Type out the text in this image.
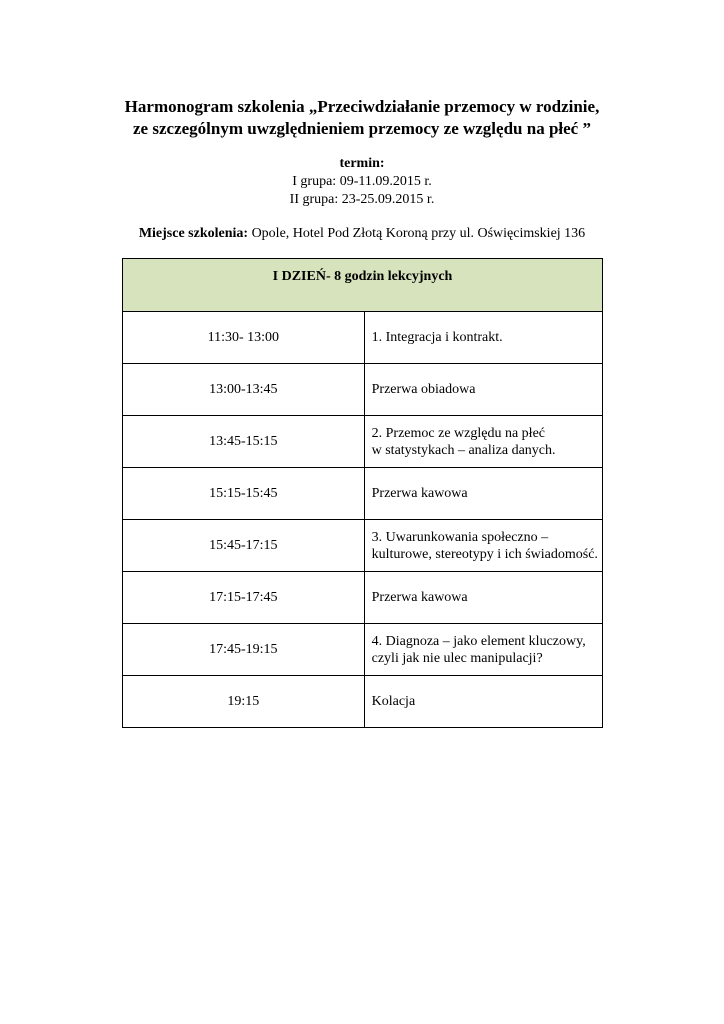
Harmonogram szkolenia „Przeciwdziałanie przemocy w rodzinie,
ze szczególnym uwzględnieniem przemocy ze względu na płeć ”
termin:
I grupa: 09-11.09.2015 r.
II grupa: 23-25.09.2015 r.
Miejsce szkolenia: Opole, Hotel Pod Złotą Koroną przy ul. Oświęcimskiej 136
I DZIEŃ- 8 godzin lekcyjnych	

11:30- 13:00	1. Integracja i kontrakt.
13:00-13:45	Przerwa obiadowa
13:45-15:15	2. Przemoc ze względu na płeć
w statystykach – analiza danych.
15:15-15:45	Przerwa kawowa
15:45-17:15	3. Uwarunkowania społeczno – kulturowe, stereotypy i ich świadomość.
17:15-17:45	Przerwa kawowa
17:45-19:15	4. Diagnoza – jako element kluczowy, czyli jak nie ulec manipulacji?
19:15	Kolacja
